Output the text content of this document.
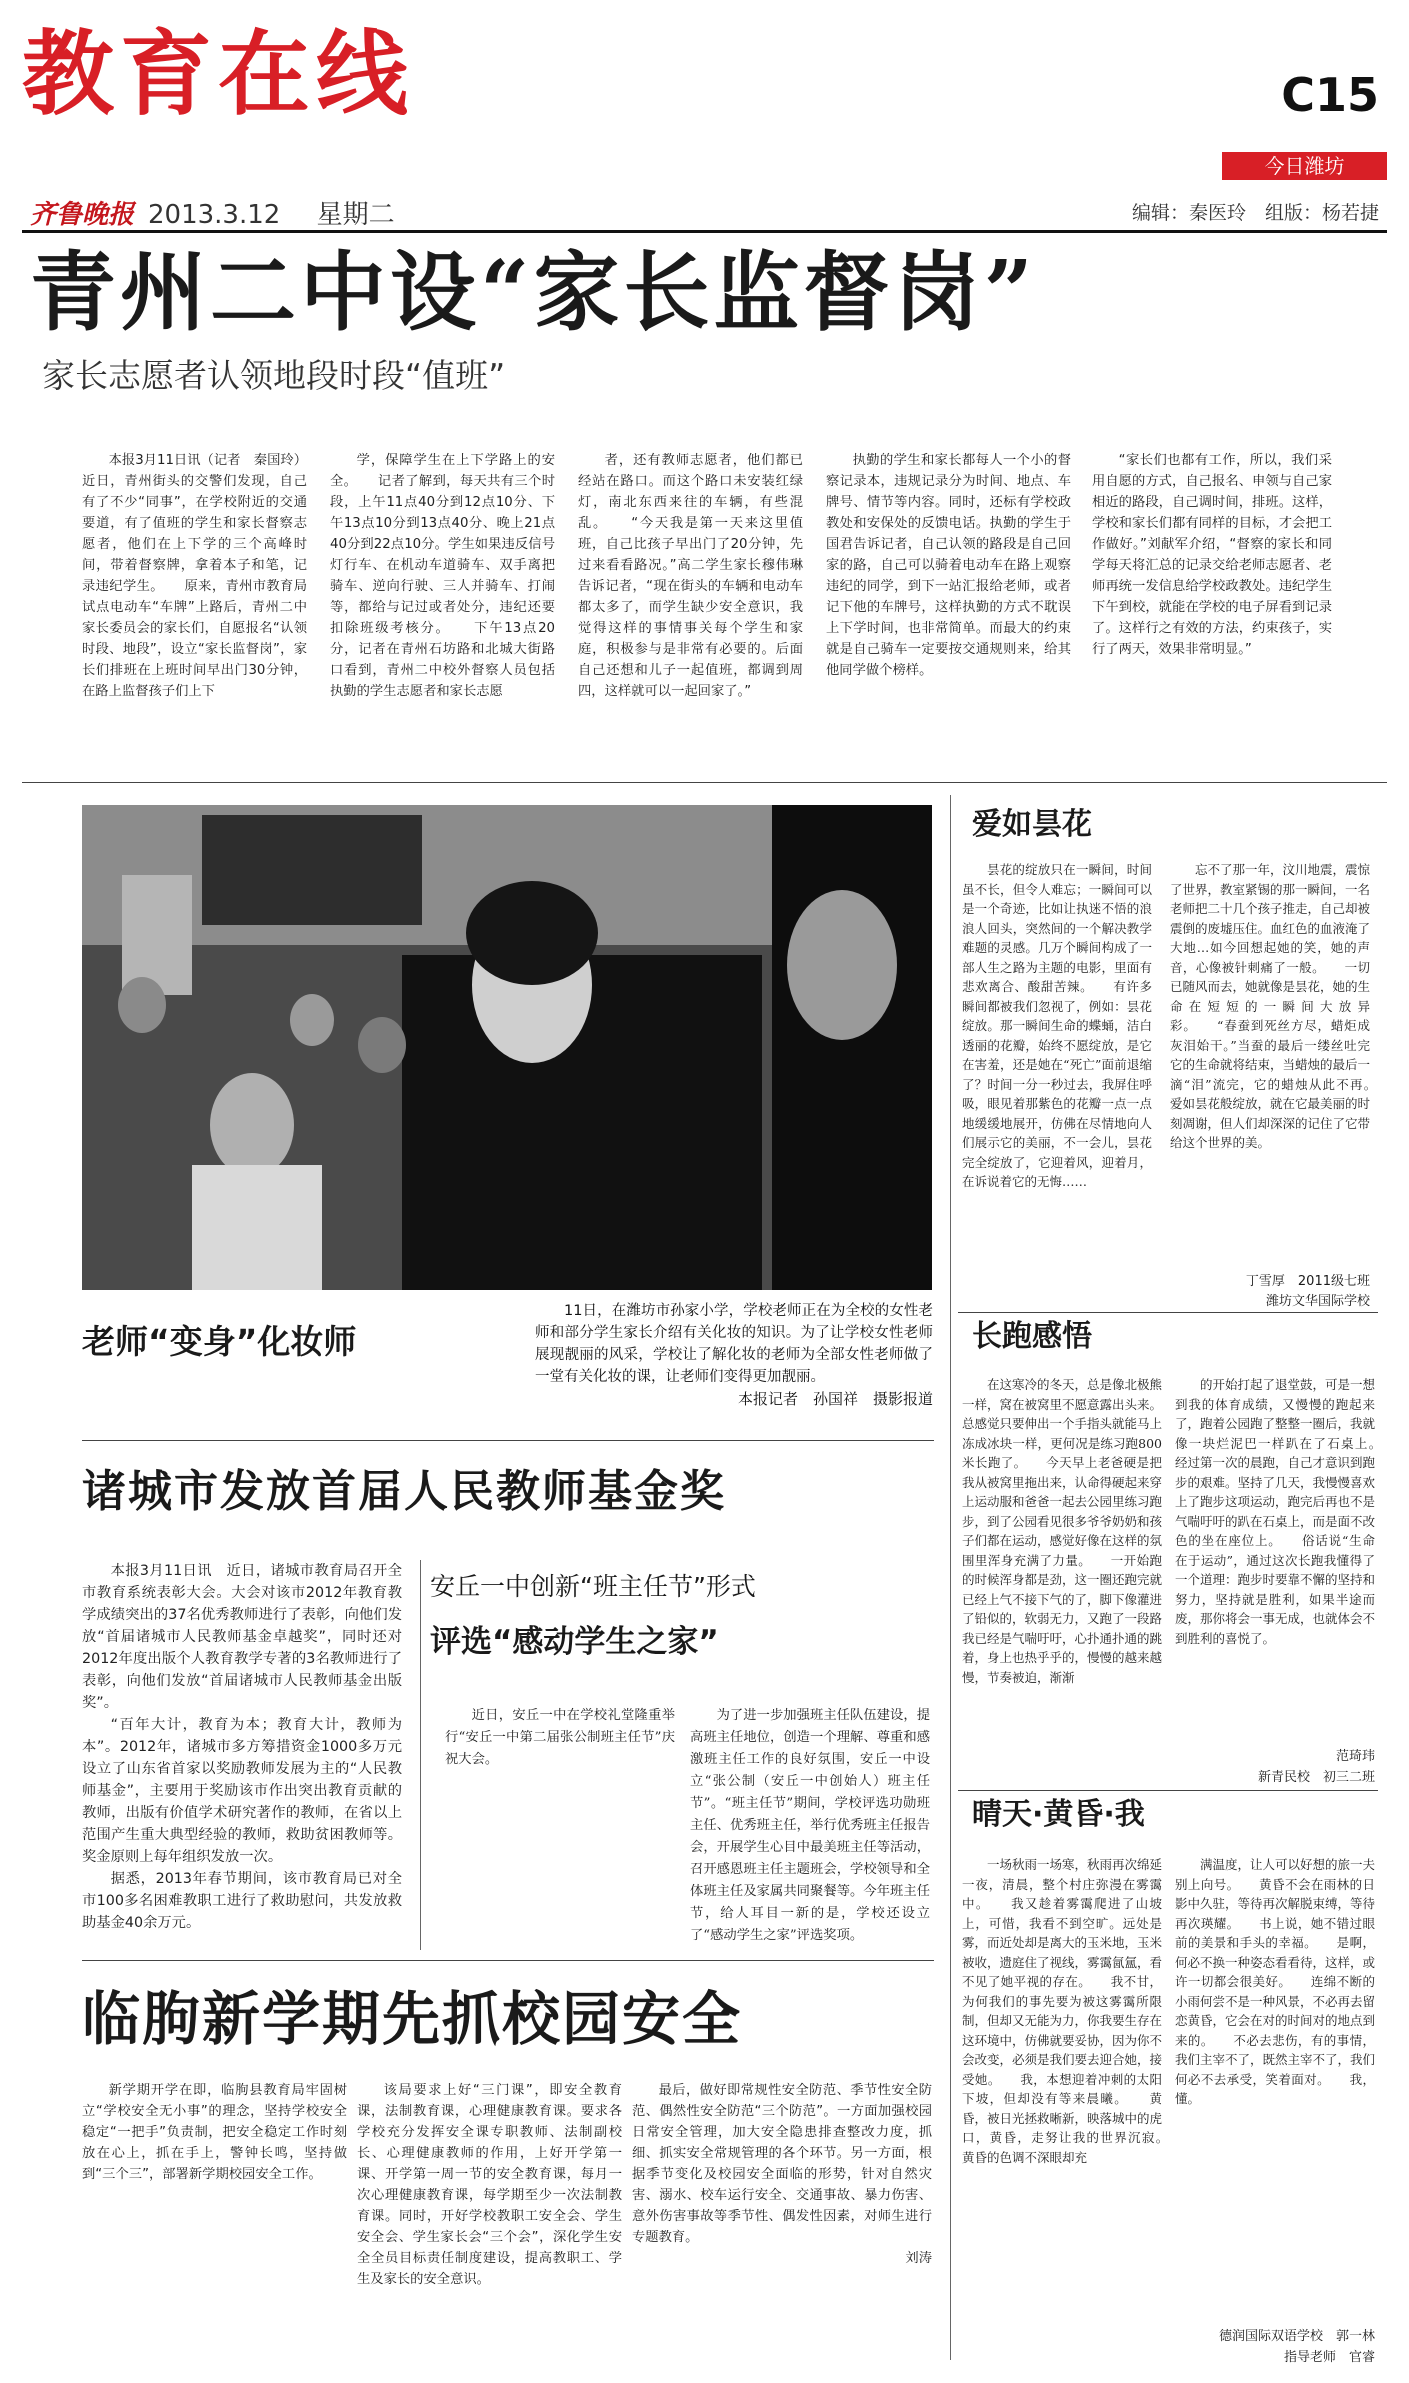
教育在线	C15
今日潍坊
齐鲁晚报 2013.3.12 星期二	编辑：秦医玲　组版：杨若捷
青州二中设“家长监督岗”
家长志愿者认领地段时段“值班”

本报3月11日讯（记者　秦国玲）近日，青州街头的交警们发现，自己有了不少“同事”，在学校附近的交通要道，有了值班的学生和家长督察志愿者，他们在上下学的三个高峰时间，带着督察牌，拿着本子和笔，记录违纪学生。　　原来，青州市教育局试点电动车“车牌”上路后，青州二中家长委员会的家长们，自愿报名“认领时段、地段”，设立“家长监督岗”，家长们排班在上班时间早出门30分钟，在路上监督孩子们上下

学，保障学生在上下学路上的安全。　　记者了解到，每天共有三个时段，上午11点40分到12点10分、下午13点10分到13点40分、晚上21点40分到22点10分。学生如果违反信号灯行车、在机动车道骑车、双手离把骑车、逆向行驶、三人并骑车、打闹等，都给与记过或者处分，违纪还要扣除班级考核分。　　下午13点20分，记者在青州石坊路和北城大街路口看到，青州二中校外督察人员包括执勤的学生志愿者和家长志愿

者，还有教师志愿者，他们都已经站在路口。而这个路口未安装红绿灯，南北东西来往的车辆，有些混乱。　　“今天我是第一天来这里值班，自己比孩子早出门了20分钟，先过来看看路况。”高二学生家长穆伟琳告诉记者，“现在街头的车辆和电动车都太多了，而学生缺少安全意识，我觉得这样的事情事关每个学生和家庭，积极参与是非常有必要的。后面自己还想和儿子一起值班，都调到周四，这样就可以一起回家了。”

执勤的学生和家长都每人一个小的督察记录本，违规记录分为时间、地点、车牌号、情节等内容。同时，还标有学校政教处和安保处的反馈电话。执勤的学生于国君告诉记者，自己认领的路段是自己回家的路，自己可以骑着电动车在路上观察违纪的同学，到下一站汇报给老师，或者记下他的车牌号，这样执勤的方式不耽误上下学时间，也非常简单。而最大的约束就是自己骑车一定要按交通规则来，给其他同学做个榜样。

“家长们也都有工作，所以，我们采用自愿的方式，自己报名、申领与自己家相近的路段，自己调时间，排班。这样，学校和家长们都有同样的目标，才会把工作做好。”刘献军介绍，“督察的家长和同学每天将汇总的记录交给老师志愿者、老师再统一发信息给学校政教处。违纪学生下午到校，就能在学校的电子屏看到记录了。这样行之有效的方法，约束孩子，实行了两天，效果非常明显。”

老师“变身”化妆师
11日，在潍坊市孙家小学，学校老师正在为全校的女性老师和部分学生家长介绍有关化妆的知识。为了让学校女性老师展现靓丽的风采，学校让了解化妆的老师为全部女性老师做了一堂有关化妆的课，让老师们变得更加靓丽。
本报记者　孙国祥　摄影报道
诸城市发放首届人民教师基金奖

本报3月11日讯　近日，诸城市教育局召开全市教育系统表彰大会。大会对该市2012年教育教学成绩突出的37名优秀教师进行了表彰，向他们发放“首届诸城市人民教师基金卓越奖”，同时还对2012年度出版个人教育教学专著的3名教师进行了表彰，向他们发放“首届诸城市人民教师基金出版奖”。

“百年大计，教育为本；教育大计，教师为本”。2012年，诸城市多方筹措资金1000多万元设立了山东省首家以奖励教师发展为主的“人民教师基金”，主要用于奖励该市作出突出教育贡献的教师，出版有价值学术研究著作的教师，在省以上范围产生重大典型经验的教师，救助贫困教师等。奖金原则上每年组织发放一次。

据悉，2013年春节期间，该市教育局已对全市100多名困难教职工进行了救助慰问，共发放救助基金40余万元。

安丘一中创新“班主任节”形式
评选“感动学生之家”

近日，安丘一中在学校礼堂隆重举行“安丘一中第二届张公制班主任节”庆祝大会。

为了进一步加强班主任队伍建设，提高班主任地位，创造一个理解、尊重和感激班主任工作的良好氛围，安丘一中设立“张公制（安丘一中创始人）班主任节”。“班主任节”期间，学校评选功勋班主任、优秀班主任，举行优秀班主任报告会，开展学生心目中最美班主任等活动，召开感恩班主任主题班会，学校领导和全体班主任及家属共同聚餐等。今年班主任节，给人耳目一新的是，学校还设立了“感动学生之家”评选奖项。

临朐新学期先抓校园安全

新学期开学在即，临朐县教育局牢固树立“学校安全无小事”的理念，坚持学校安全稳定“一把手”负责制，把安全稳定工作时刻放在心上，抓在手上，警钟长鸣，坚持做到“三个三”，部署新学期校园安全工作。

该局要求上好“三门课”，即安全教育课，法制教育课，心理健康教育课。要求各学校充分发挥安全课专职教师、法制副校长、心理健康教师的作用，上好开学第一课、开学第一周一节的安全教育课，每月一次心理健康教育课，每学期至少一次法制教育课。同时，开好学校教职工安全会、学生安全会、学生家长会“三个会”，深化学生安全全员目标责任制度建设，提高教职工、学生及家长的安全意识。

最后，做好即常规性安全防范、季节性安全防范、偶然性安全防范“三个防范”。一方面加强校园日常安全管理，加大安全隐患排查整改力度，抓细、抓实安全常规管理的各个环节。另一方面，根据季节变化及校园安全面临的形势，针对自然灾害、溺水、校车运行安全、交通事故、暴力伤害、意外伤害事故等季节性、偶发性因素，对师生进行专题教育。

刘涛
爱如昙花

昙花的绽放只在一瞬间，时间虽不长，但令人难忘；一瞬间可以是一个奇迹，比如让执迷不悟的浪浪人回头，突然间的一个解决教学难题的灵感。几万个瞬间构成了一部人生之路为主题的电影，里面有悲欢离合、酸甜苦辣。　　有许多瞬间都被我们忽视了，例如：昙花绽放。那一瞬间生命的蝶蛹，洁白透丽的花瓣，始终不愿绽放，是它在害羞，还是她在“死亡”面前退缩了？时间一分一秒过去，我屏住呼吸，眼见着那紫色的花瓣一点一点地缓缓地展开，仿佛在尽情地向人们展示它的美丽，不一会儿，昙花完全绽放了，它迎着风，迎着月，在诉说着它的无悔……

忘不了那一年，汶川地震，震惊了世界，教室紧锡的那一瞬间，一名老师把二十几个孩子推走，自己却被震倒的废墟压住。血红色的血液淹了大地…如今回想起她的笑，她的声音，心像被针刺痛了一般。　　一切已随风而去，她就像是昙花，她的生命在短短的一瞬间大放异彩。　　“春蚕到死丝方尽，蜡炬成灰泪始干。”当蚕的最后一缕丝吐完它的生命就将结束，当蜡烛的最后一滴“泪”流完，它的蜡烛从此不再。　　爱如昙花般绽放，就在它最美丽的时刻凋谢，但人们却深深的记住了它带给这个世界的美。

丁雪厚　2011级七班
潍坊文华国际学校
长跑感悟

在这寒冷的冬天，总是像北极熊一样，窝在被窝里不愿意露出头来。总感觉只要伸出一个手指头就能马上冻成冰块一样，更何况是练习跑800米长跑了。　　今天早上老爸硬是把我从被窝里拖出来，认命得硬起来穿上运动服和爸爸一起去公园里练习跑步，到了公园看见很多爷爷奶奶和孩子们都在运动，感觉好像在这样的氛围里浑身充满了力量。　　一开始跑的时候浑身都是劲，这一圈还跑完就已经上气不接下气的了，脚下像灌进了铅似的，软弱无力，又跑了一段路我已经是气喘吁吁，心扑通扑通的跳着，身上也热乎乎的，慢慢的越来越慢，节奏被迫，渐渐

的开始打起了退堂鼓，可是一想到我的体育成绩，又慢慢的跑起来了，跑着公园跑了整整一圈后，我就像一块烂泥巴一样趴在了石桌上。　　经过第一次的晨跑，自己才意识到跑步的艰难。坚持了几天，我慢慢喜欢上了跑步这项运动，跑完后再也不是气喘吁吁的趴在石桌上，而是面不改色的坐在座位上。　　俗话说“生命在于运动”，通过这次长跑我懂得了一个道理：跑步时要靠不懈的坚持和努力，坚持就是胜利，如果半途而废，那你将会一事无成，也就体会不到胜利的喜悦了。

范琦玮
新青民校　初三二班
晴天·黄昏·我

一场秋雨一场寒，秋雨再次绵延一夜，清晨，整个村庄弥漫在雾霭中。　　我又趁着雾霭爬进了山坡上，可惜，我看不到空旷。远处是雾，而近处却是离大的玉米地，玉米被收，遗庭住了视线，雾霭氤氲，看不见了她平视的存在。　　我不甘，为何我们的事先要为被这雾霭所限制，但却又无能为力，你我要生存在这环境中，仿佛就要妥协，因为你不会改变，必须是我们要去迎合她，接受她。　　我，本想迎着冲刺的太阳下坡，但却没有等来晨曦。　　黄昏，被日光拯救晰新，映落城中的虎口，黄昏，走努让我的世界沉寂。　　黄昏的色调不深眼却充

满温度，让人可以好想的旅一夫别上向号。　　黄昏不会在雨林的日影中久驻，等待再次解脱束缚，等待再次瑛耀。　　书上说，她不错过眼前的美景和手头的幸福。　　是啊，何必不换一种姿态看看待，这样，或许一切都会很美好。　　连绵不断的小雨何尝不是一种风景，不必再去留恋黄昏，它会在对的时间对的地点到来的。　　不必去悲伤，有的事情，我们主宰不了，既然主宰不了，我们何必不去承受，笑着面对。　　我，懂。

德润国际双语学校　郭一林
指导老师　官睿
